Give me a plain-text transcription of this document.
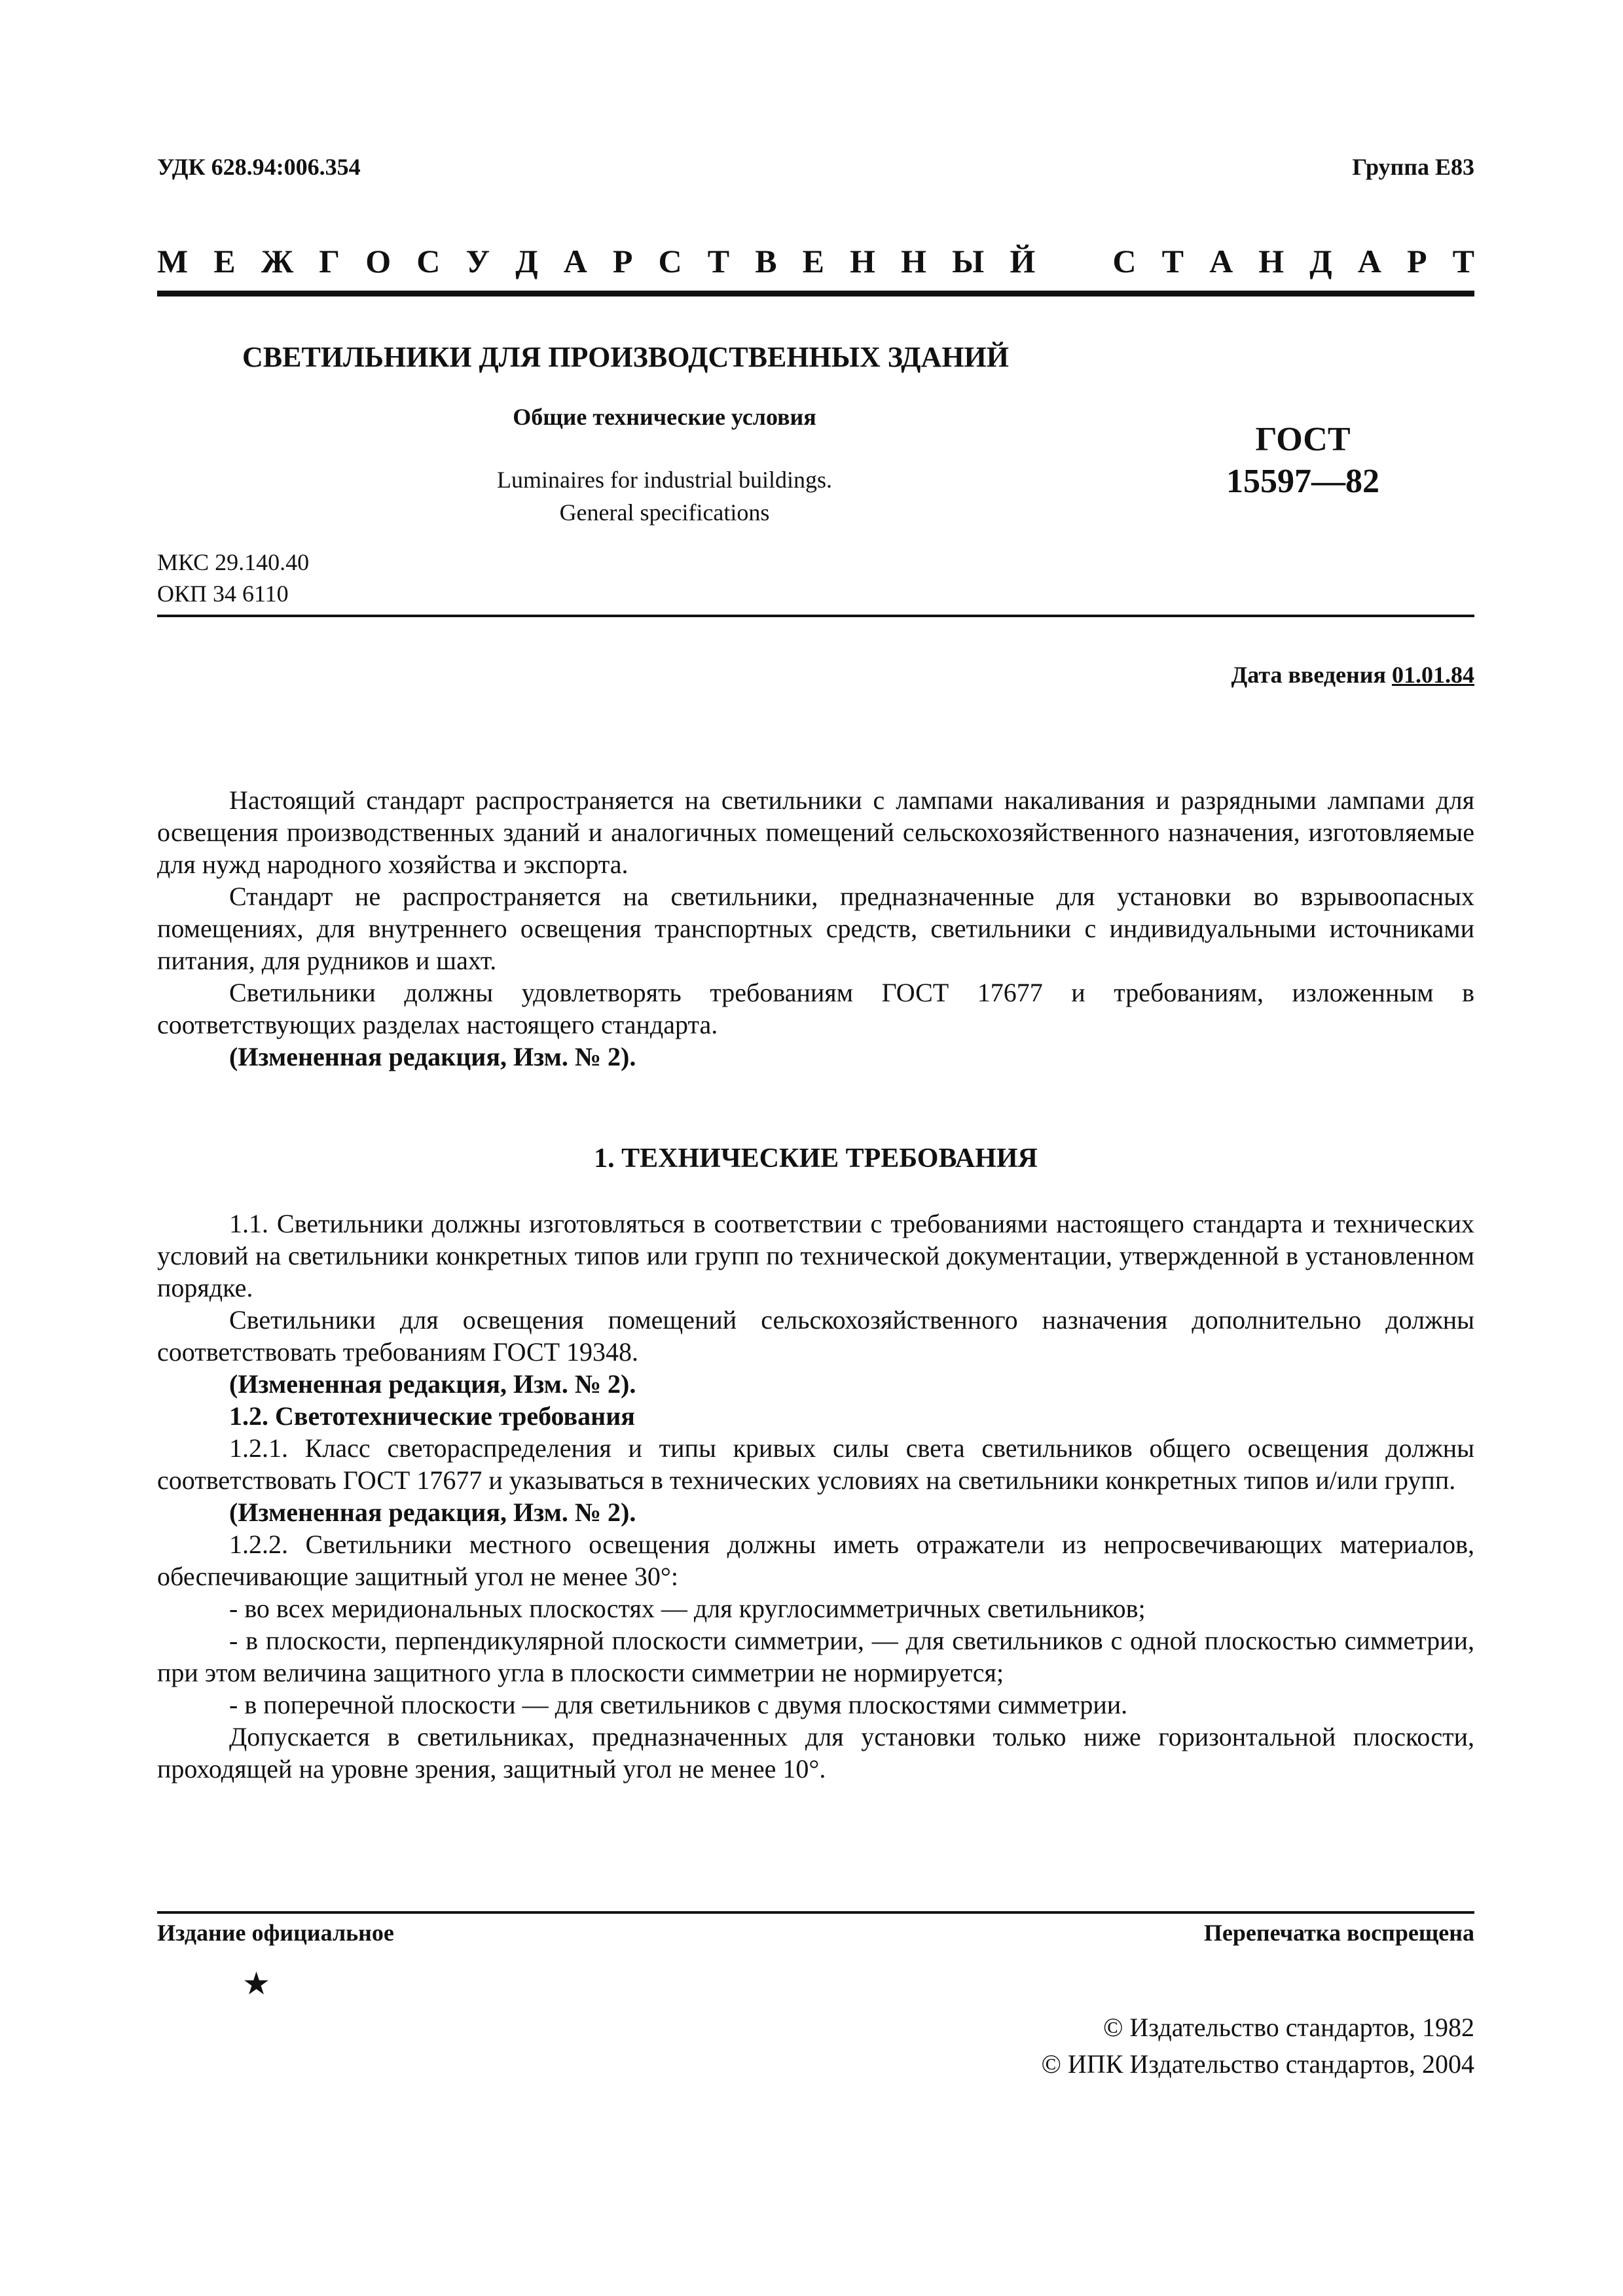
УДК 628.94:006.354	Группа Е83
М Е Ж Г О С У Д А Р С Т В Е Н Н Ы Й С Т А Н Д А Р Т
СВЕТИЛЬНИКИ ДЛЯ ПРОИЗВОДСТВЕННЫХ ЗДАНИЙ
Общие технические условия
Luminaires for industrial buildings.
General specifications
ГОСТ
15597—82
МКС 29.140.40
ОКП 34 6110
Дата введения 01.01.84

Настоящий стандарт распространяется на светильники с лампами накаливания и разрядными лампами для освещения производственных зданий и аналогичных помещений сельскохозяйственного назначения, изготовляемые для нужд народного хозяйства и экспорта.

Стандарт не распространяется на светильники, предназначенные для установки во взрывоопасных помещениях, для внутреннего освещения транспортных средств, светильники с индивидуальными источниками питания, для рудников и шахт.

Светильники должны удовлетворять требованиям ГОСТ 17677 и требованиям, изложенным в соответствующих разделах настоящего стандарта.

(Измененная редакция, Изм. № 2).

1. ТЕХНИЧЕСКИЕ ТРЕБОВАНИЯ

1.1. Светильники должны изготовляться в соответствии с требованиями настоящего стандарта и технических условий на светильники конкретных типов или групп по технической документации, утвержденной в установленном порядке.

Светильники для освещения помещений сельскохозяйственного назначения дополнительно должны соответствовать требованиям ГОСТ 19348.

(Измененная редакция, Изм. № 2).

1.2. Светотехнические требования

1.2.1. Класс светораспределения и типы кривых силы света светильников общего освещения должны соответствовать ГОСТ 17677 и указываться в технических условиях на светильники конкретных типов и/или групп.

(Измененная редакция, Изм. № 2).

1.2.2. Светильники местного освещения должны иметь отражатели из непросвечивающих материалов, обеспечивающие защитный угол не менее 30°:

- во всех меридиональных плоскостях — для круглосимметричных светильников;

- в плоскости, перпендикулярной плоскости симметрии, — для светильников с одной плоскостью симметрии, при этом величина защитного угла в плоскости симметрии не нормируется;

- в поперечной плоскости — для светильников с двумя плоскостями симметрии.

Допускается в светильниках, предназначенных для установки только ниже горизонтальной плоскости, проходящей на уровне зрения, защитный угол не менее 10°.

Издание официальное	Перепечатка воспрещена
★
© Издательство стандартов, 1982
© ИПК Издательство стандартов, 2004
